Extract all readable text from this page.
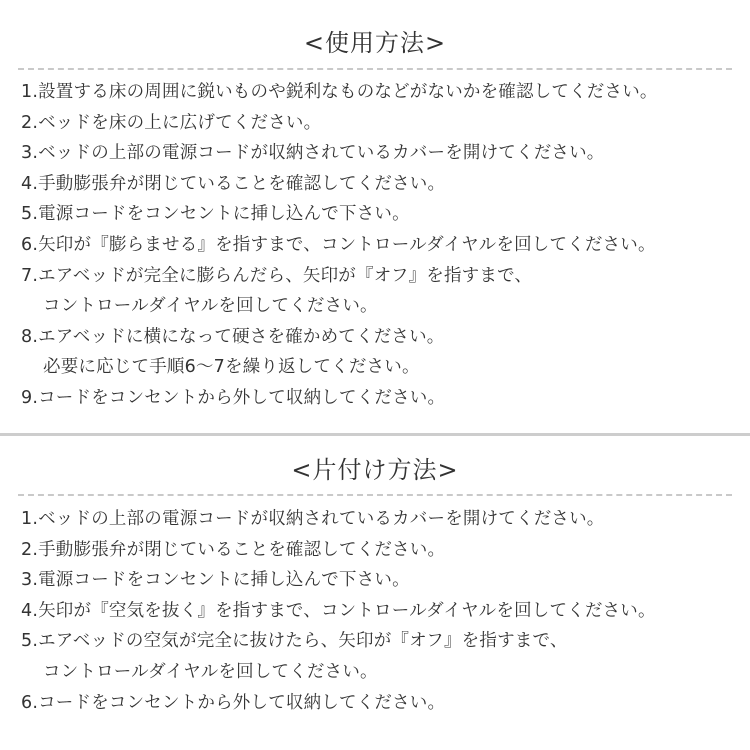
<使用方法>
1.設置する床の周囲に鋭いものや鋭利なものなどがないかを確認してください。
2.ベッドを床の上に広げてください。
3.ベッドの上部の電源コードが収納されているカバーを開けてください。
4.手動膨張弁が閉じていることを確認してください。
5.電源コードをコンセントに挿し込んで下さい。
6.矢印が『膨らませる』を指すまで、コントロールダイヤルを回してください。
7.エアベッドが完全に膨らんだら、矢印が『オフ』を指すまで、
コントロールダイヤルを回してください。
8.エアベッドに横になって硬さを確かめてください。
必要に応じて手順6～7を繰り返してください。
9.コードをコンセントから外して収納してください。
<片付け方法>
1.ベッドの上部の電源コードが収納されているカバーを開けてください。
2.手動膨張弁が閉じていることを確認してください。
3.電源コードをコンセントに挿し込んで下さい。
4.矢印が『空気を抜く』を指すまで、コントロールダイヤルを回してください。
5.エアベッドの空気が完全に抜けたら、矢印が『オフ』を指すまで、
コントロールダイヤルを回してください。
6.コードをコンセントから外して収納してください。
